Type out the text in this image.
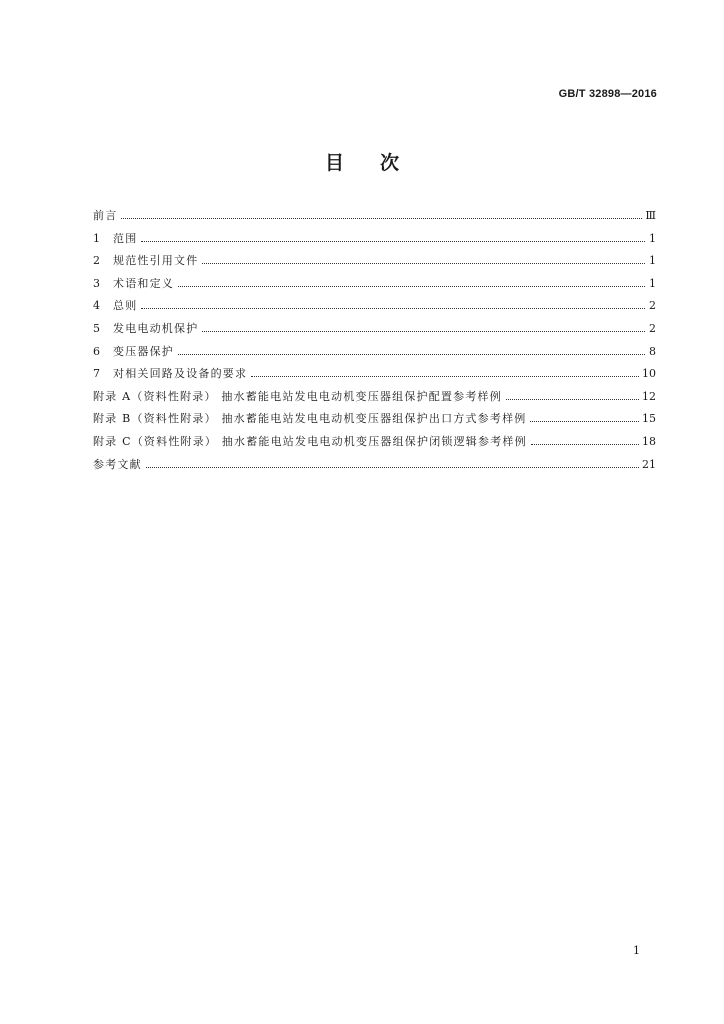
GB/T 32898—2016
目次
前言	Ⅲ
1	范围	1
2	规范性引用文件	1
3	术语和定义	1
4	总则	2
5	发电电动机保护	2
6	变压器保护	8
7	对相关回路及设备的要求	10
附录 A（资料性附录） 抽水蓄能电站发电电动机变压器组保护配置参考样例	12
附录 B（资料性附录） 抽水蓄能电站发电电动机变压器组保护出口方式参考样例	15
附录 C（资料性附录） 抽水蓄能电站发电电动机变压器组保护闭锁逻辑参考样例	18
参考文献	21
1
